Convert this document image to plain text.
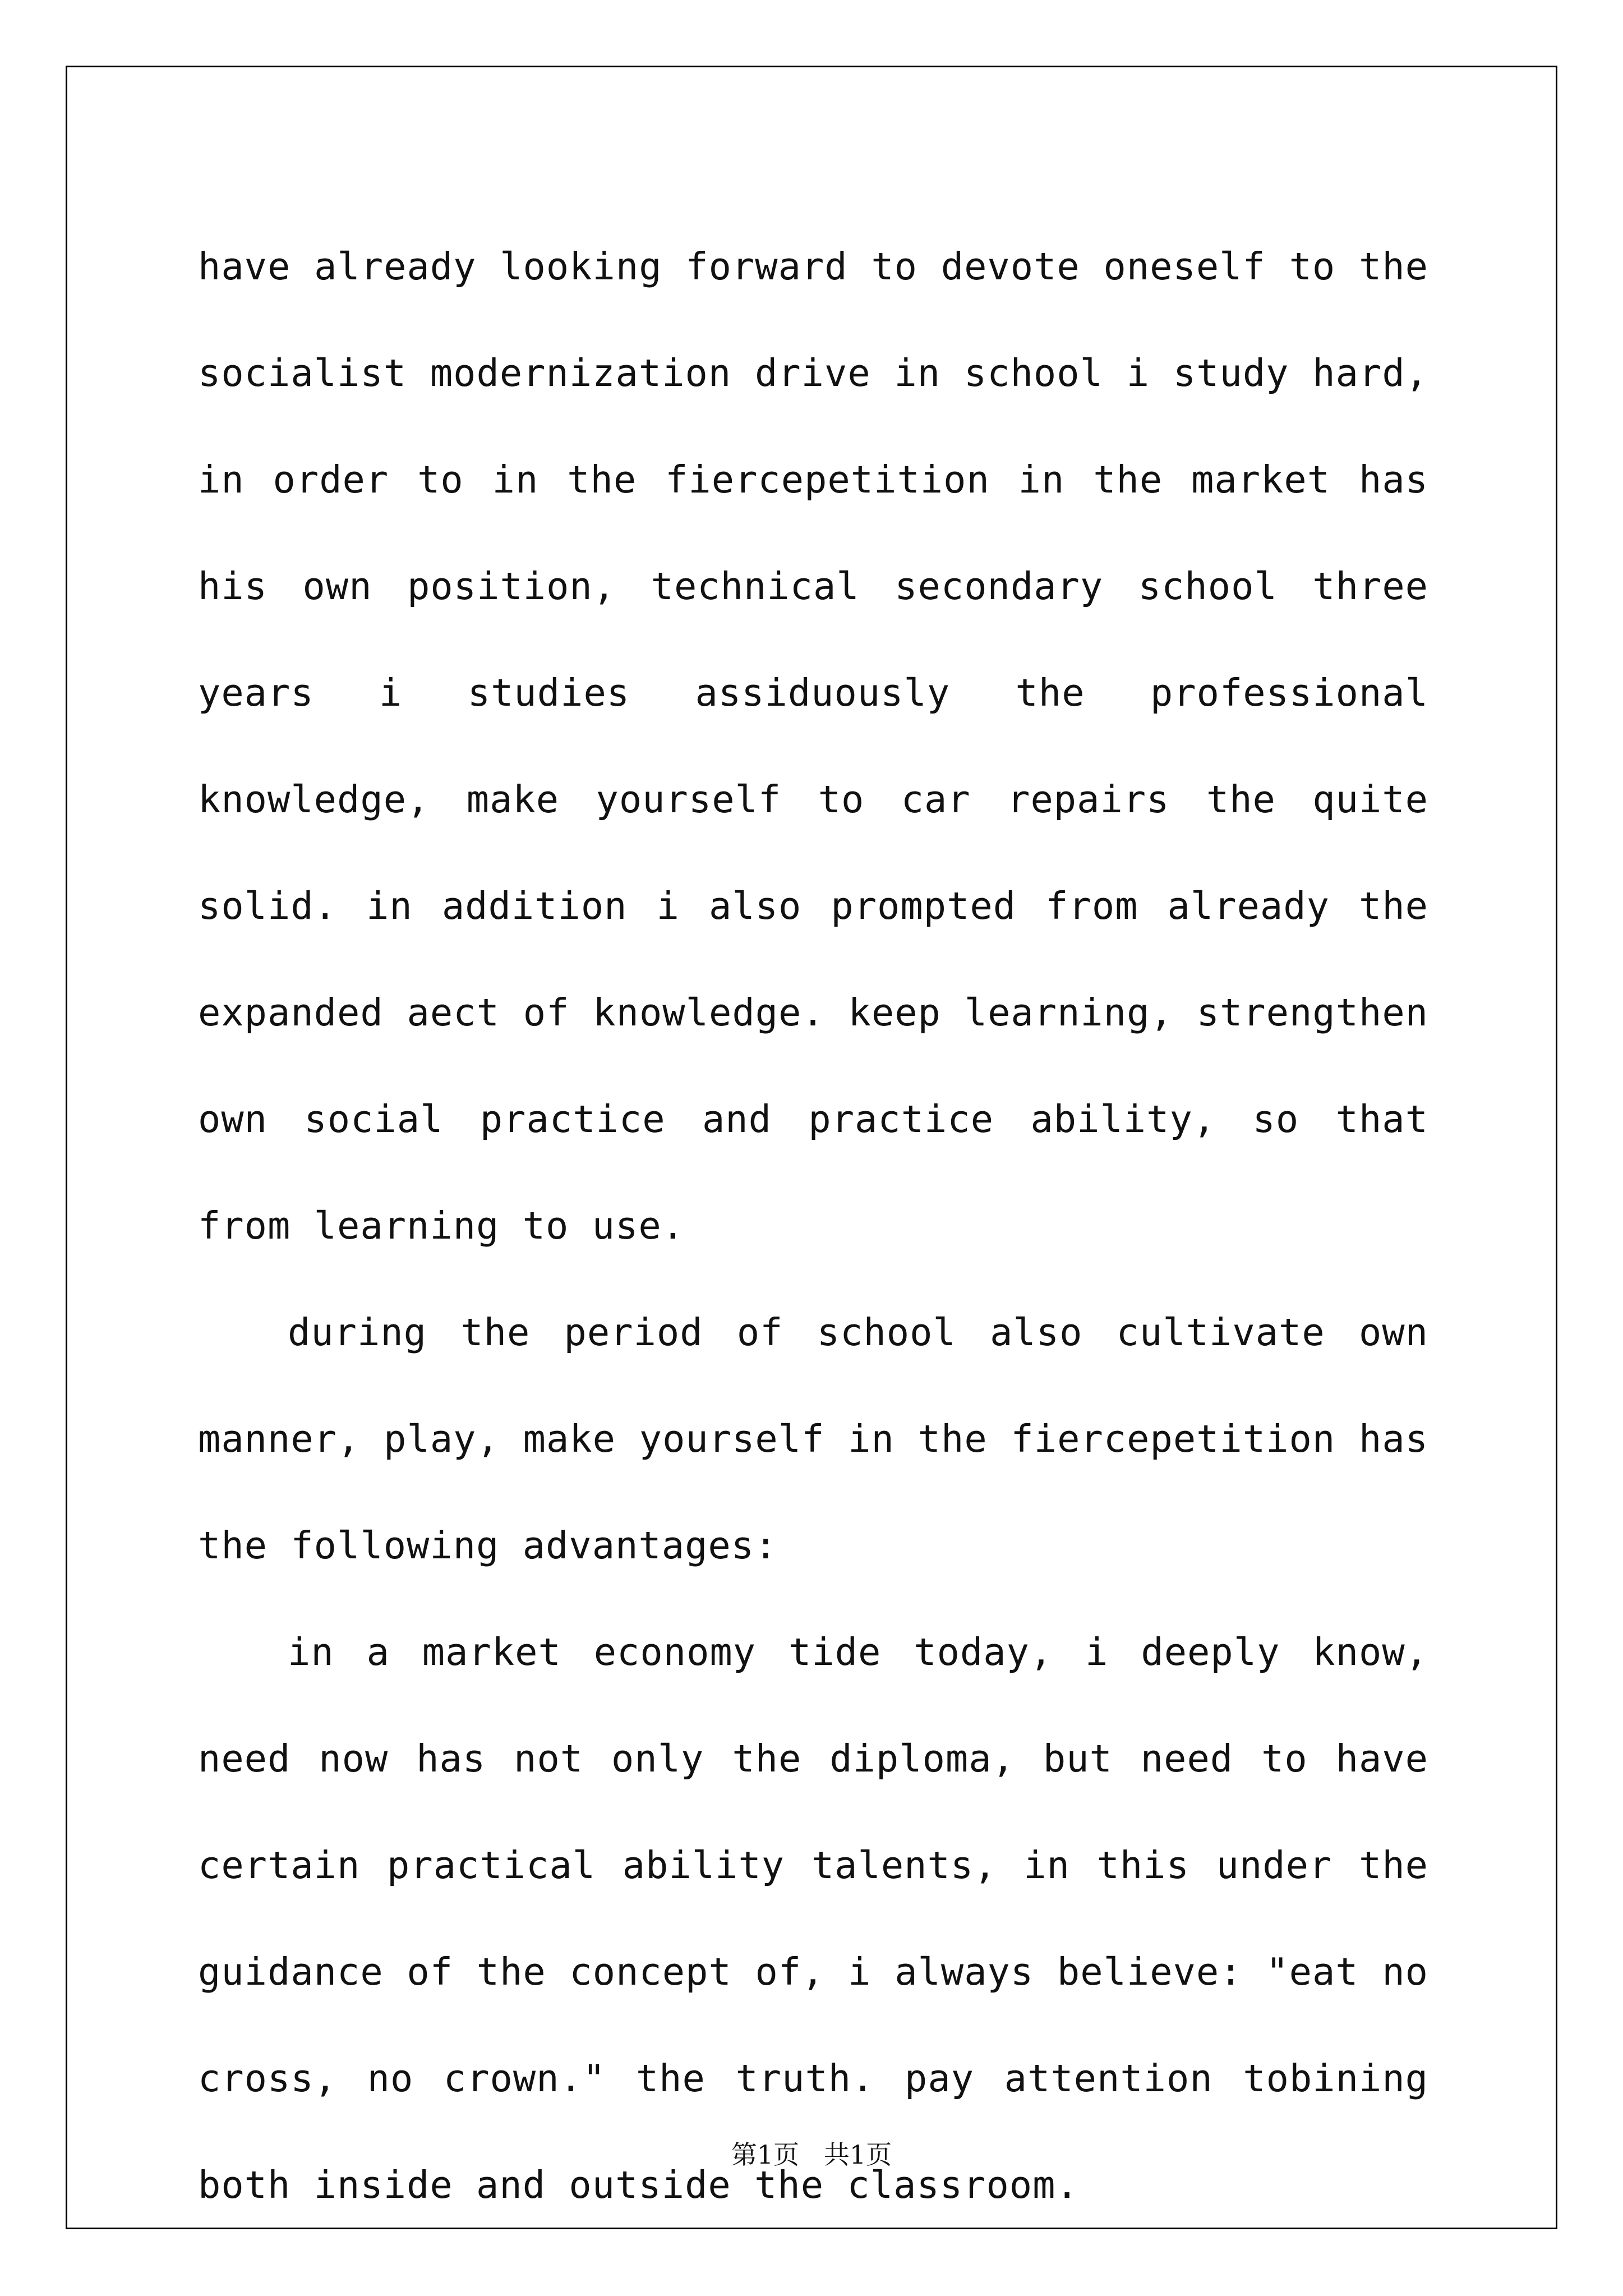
have already looking forward to devote oneself to the socialist modernization drive in school i study hard, in order to in the fiercepetition in the market has his own position, technical secondary school three years i studies assiduously the professional knowledge, make yourself to car repairs the quite solid. in addition i also prompted from already the expanded aect of knowledge. keep learning, strengthen own social practice and practice ability, so that from learning to use.

during the period of school also cultivate own manner, play, make yourself in the fiercepetition has the following advantages:

in a market economy tide today, i deeply know, need now has not only the diploma, but need to have certain practical ability talents, in this under the guidance of the concept of, i always believe: "eat no cross, no crown." the truth. pay attention tobining both inside and outside the classroom.

第1页   共1页
